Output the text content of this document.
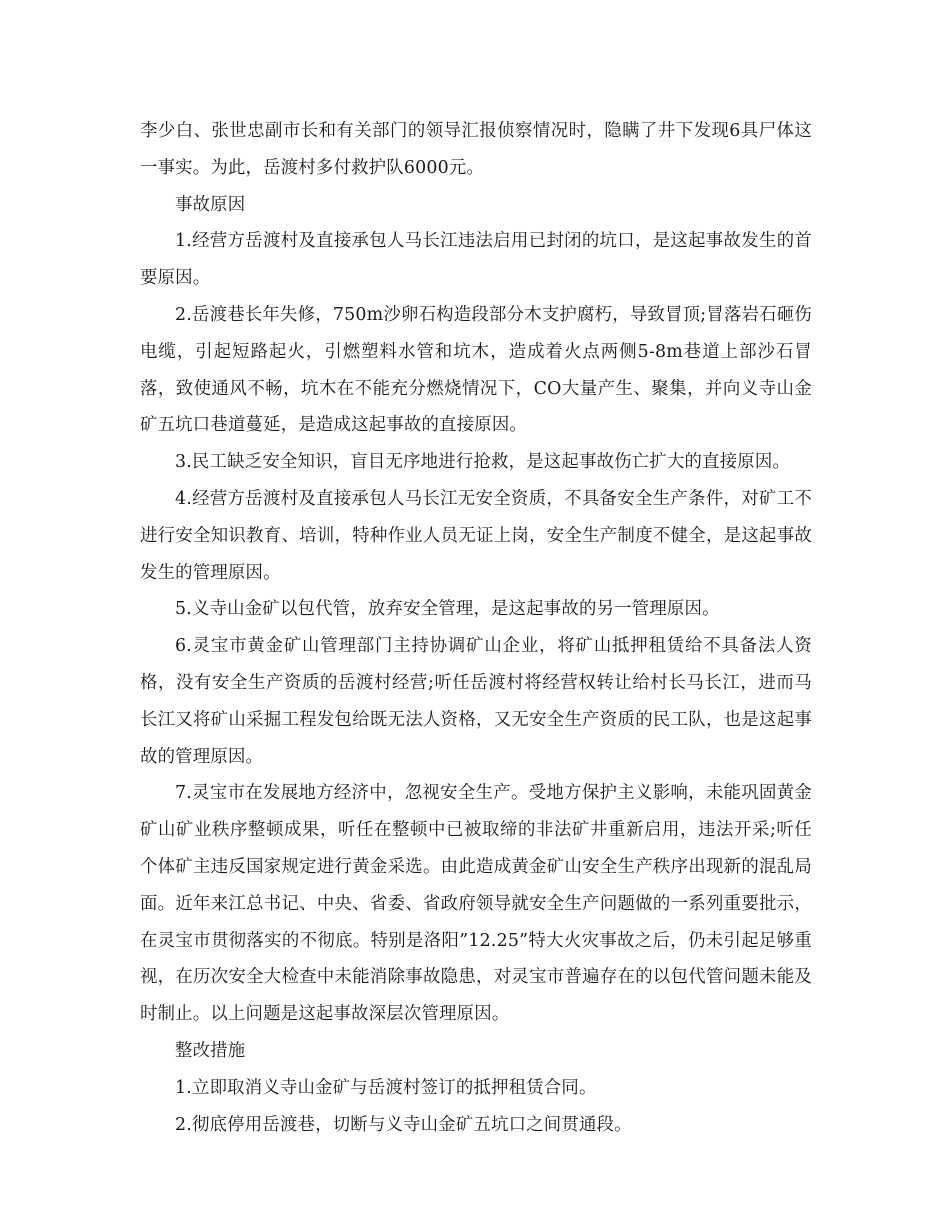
李少白、张世忠副市长和有关部门的领导汇报侦察情况时，隐瞒了井下发现6具尸体这一事实。为此，岳渡村多付救护队6000元。

事故原因

1.经营方岳渡村及直接承包人马长江违法启用已封闭的坑口，是这起事故发生的首要原因。

2.岳渡巷长年失修，750m沙卵石构造段部分木支护腐朽，导致冒顶;冒落岩石砸伤电缆，引起短路起火，引燃塑料水管和坑木，造成着火点两侧5-8m巷道上部沙石冒落，致使通风不畅，坑木在不能充分燃烧情况下，CO大量产生、聚集，并向义寺山金矿五坑口巷道蔓延，是造成这起事故的直接原因。

3.民工缺乏安全知识，盲目无序地进行抢救，是这起事故伤亡扩大的直接原因。

4.经营方岳渡村及直接承包人马长江无安全资质，不具备安全生产条件，对矿工不进行安全知识教育、培训，特种作业人员无证上岗，安全生产制度不健全，是这起事故发生的管理原因。

5.义寺山金矿以包代管，放弃安全管理，是这起事故的另一管理原因。

6.灵宝市黄金矿山管理部门主持协调矿山企业，将矿山抵押租赁给不具备法人资格，没有安全生产资质的岳渡村经营;听任岳渡村将经营权转让给村长马长江，进而马长江又将矿山采掘工程发包给既无法人资格，又无安全生产资质的民工队，也是这起事故的管理原因。

7.灵宝市在发展地方经济中，忽视安全生产。受地方保护主义影响，未能巩固黄金矿山矿业秩序整顿成果，听任在整顿中已被取缔的非法矿井重新启用，违法开采;听任个体矿主违反国家规定进行黄金采选。由此造成黄金矿山安全生产秩序出现新的混乱局面。近年来江总书记、中央、省委、省政府领导就安全生产问题做的一系列重要批示，在灵宝市贯彻落实的不彻底。特别是洛阳”12.25”特大火灾事故之后，仍未引起足够重视，在历次安全大检查中未能消除事故隐患，对灵宝市普遍存在的以包代管问题未能及时制止。以上问题是这起事故深层次管理原因。

整改措施

1.立即取消义寺山金矿与岳渡村签订的抵押租赁合同。

2.彻底停用岳渡巷，切断与义寺山金矿五坑口之间贯通段。
